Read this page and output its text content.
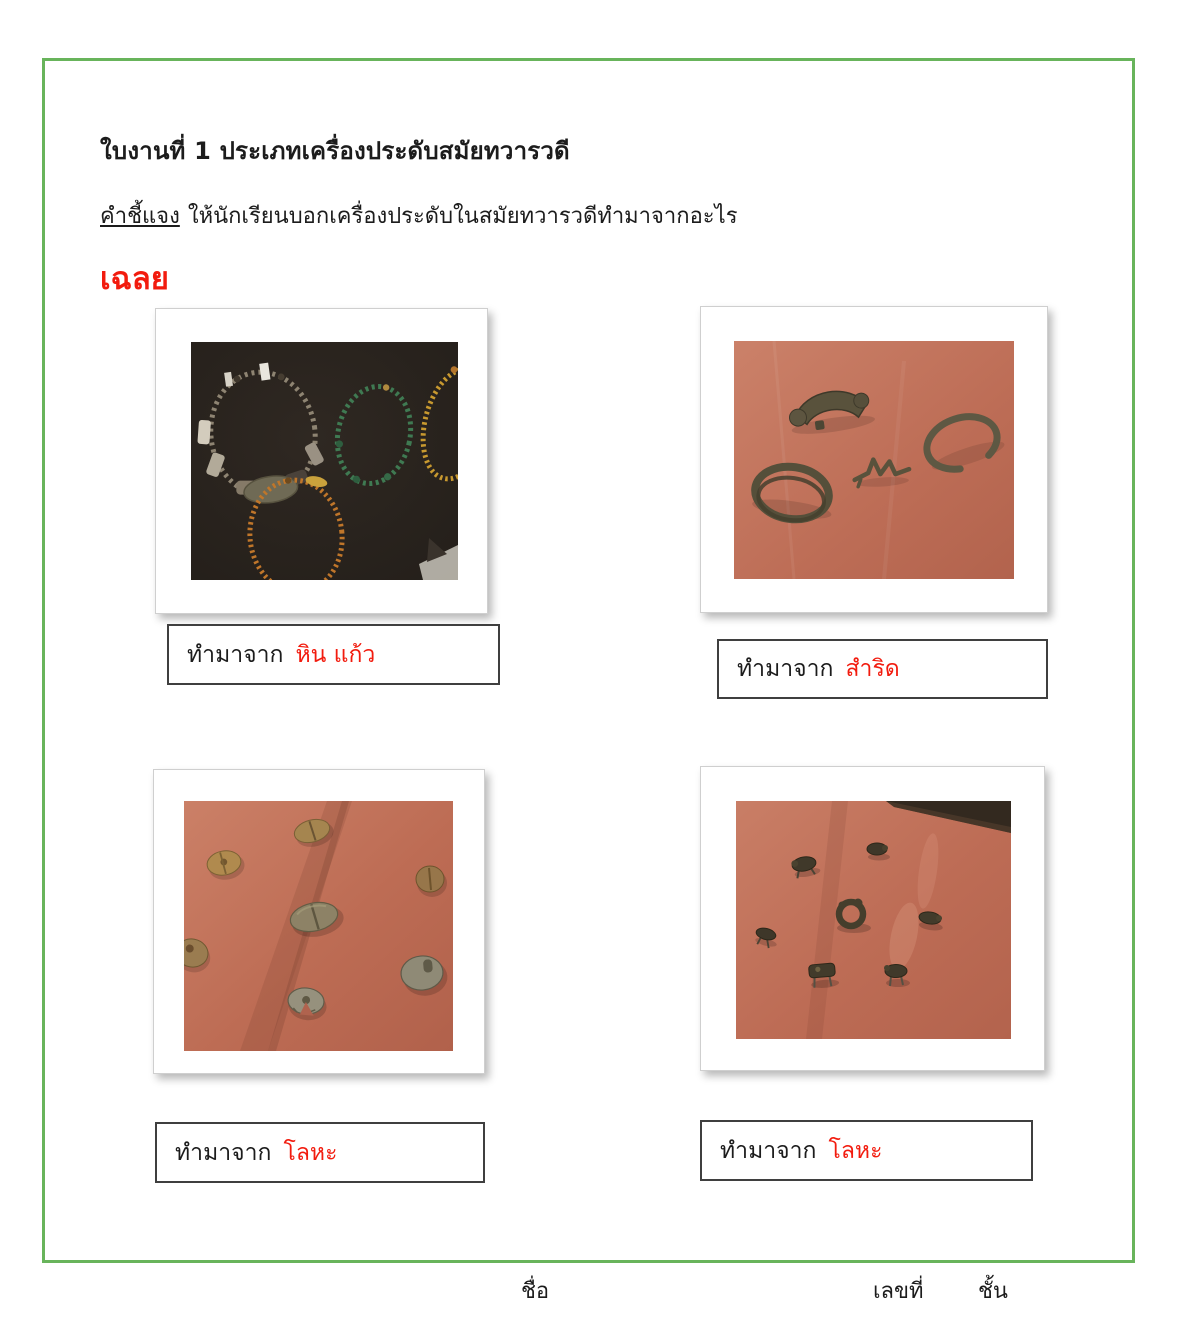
ใบงานที่ 1 ประเภทเครื่องประดับสมัยทวารวดี
คำชี้แจง ให้นักเรียนบอกเครื่องประดับในสมัยทวารวดีทำมาจากอะไร
เฉลย
ทำมาจาก หิน แก้ว
ทำมาจาก สำริด
ทำมาจาก โลหะ	ทำมาจาก โลหะ
ชื่อ	เลขที่ ชั้น
